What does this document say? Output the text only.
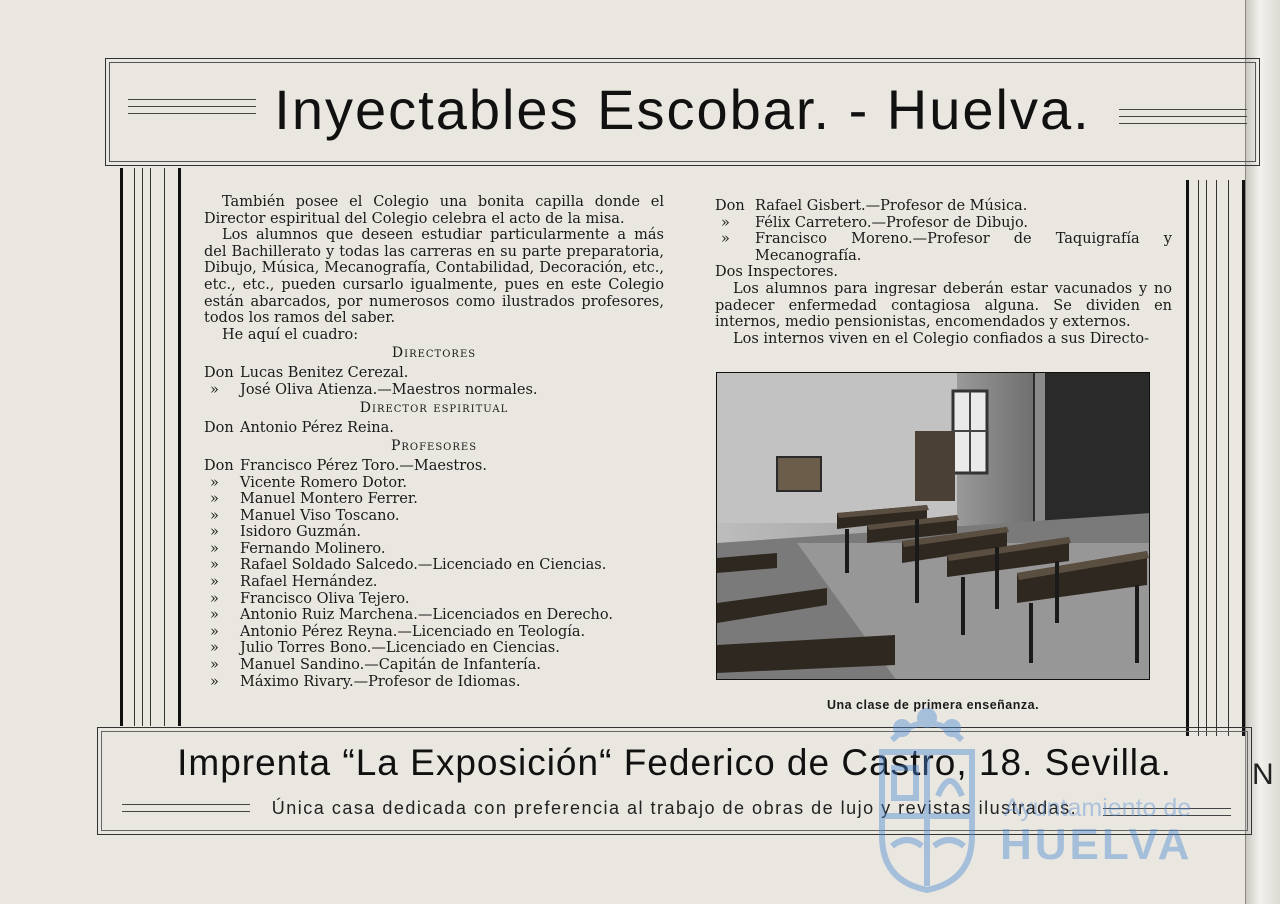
N
Inyectables Escobar. - Huelva.

También posee el Colegio una bonita capilla donde el Director espiritual del Colegio celebra el acto de la misa.

Los alumnos que deseen estudiar particularmente a más del Bachillerato y todas las carreras en su parte preparatoria, Dibujo, Música, Mecanografía, Contabilidad, Decoración, etc., etc., etc., pueden cursarlo igualmente, pues en este Colegio están abarcados, por numerosos como ilustrados profesores, todos los ramos del saber.

He aquí el cuadro:

Directores
Don Lucas Benitez Cerezal.
» José Oliva Atienza.—Maestros normales.
Director espiritual
Don Antonio Pérez Reina.
Profesores
Don Francisco Pérez Toro.—Maestros.
» Vicente Romero Dotor.
» Manuel Montero Ferrer.
» Manuel Viso Toscano.
» Isidoro Guzmán.
» Fernando Molinero.
» Rafael Soldado Salcedo.—Licenciado en Ciencias.
» Rafael Hernández.
» Francisco Oliva Tejero.
» Antonio Ruiz Marchena.—Licenciados en Derecho.
» Antonio Pérez Reyna.—Licenciado en Teología.
» Julio Torres Bono.—Licenciado en Ciencias.
» Manuel Sandino.—Capitán de Infantería.
» Máximo Rivary.—Profesor de Idiomas.
Don Rafael Gisbert.—Profesor de Música.
» Félix Carretero.—Profesor de Dibujo.
»	Francisco Moreno.—Profesor de Taquigrafía y Mecanografía.

Dos Inspectores.

Los alumnos para ingresar deberán estar vacunados y no padecer enfermedad contagiosa alguna. Se dividen en internos, medio pensionistas, encomendados y externos.

Los internos viven en el Colegio confiados a sus Directo-

Una clase de primera enseñanza.
Imprenta “La Exposición“ Federico de Castro, 18. Sevilla.
Única casa dedicada con preferencia al trabajo de obras de lujo y revistas ilustradas.
Ayuntamiento de
HUELVA
